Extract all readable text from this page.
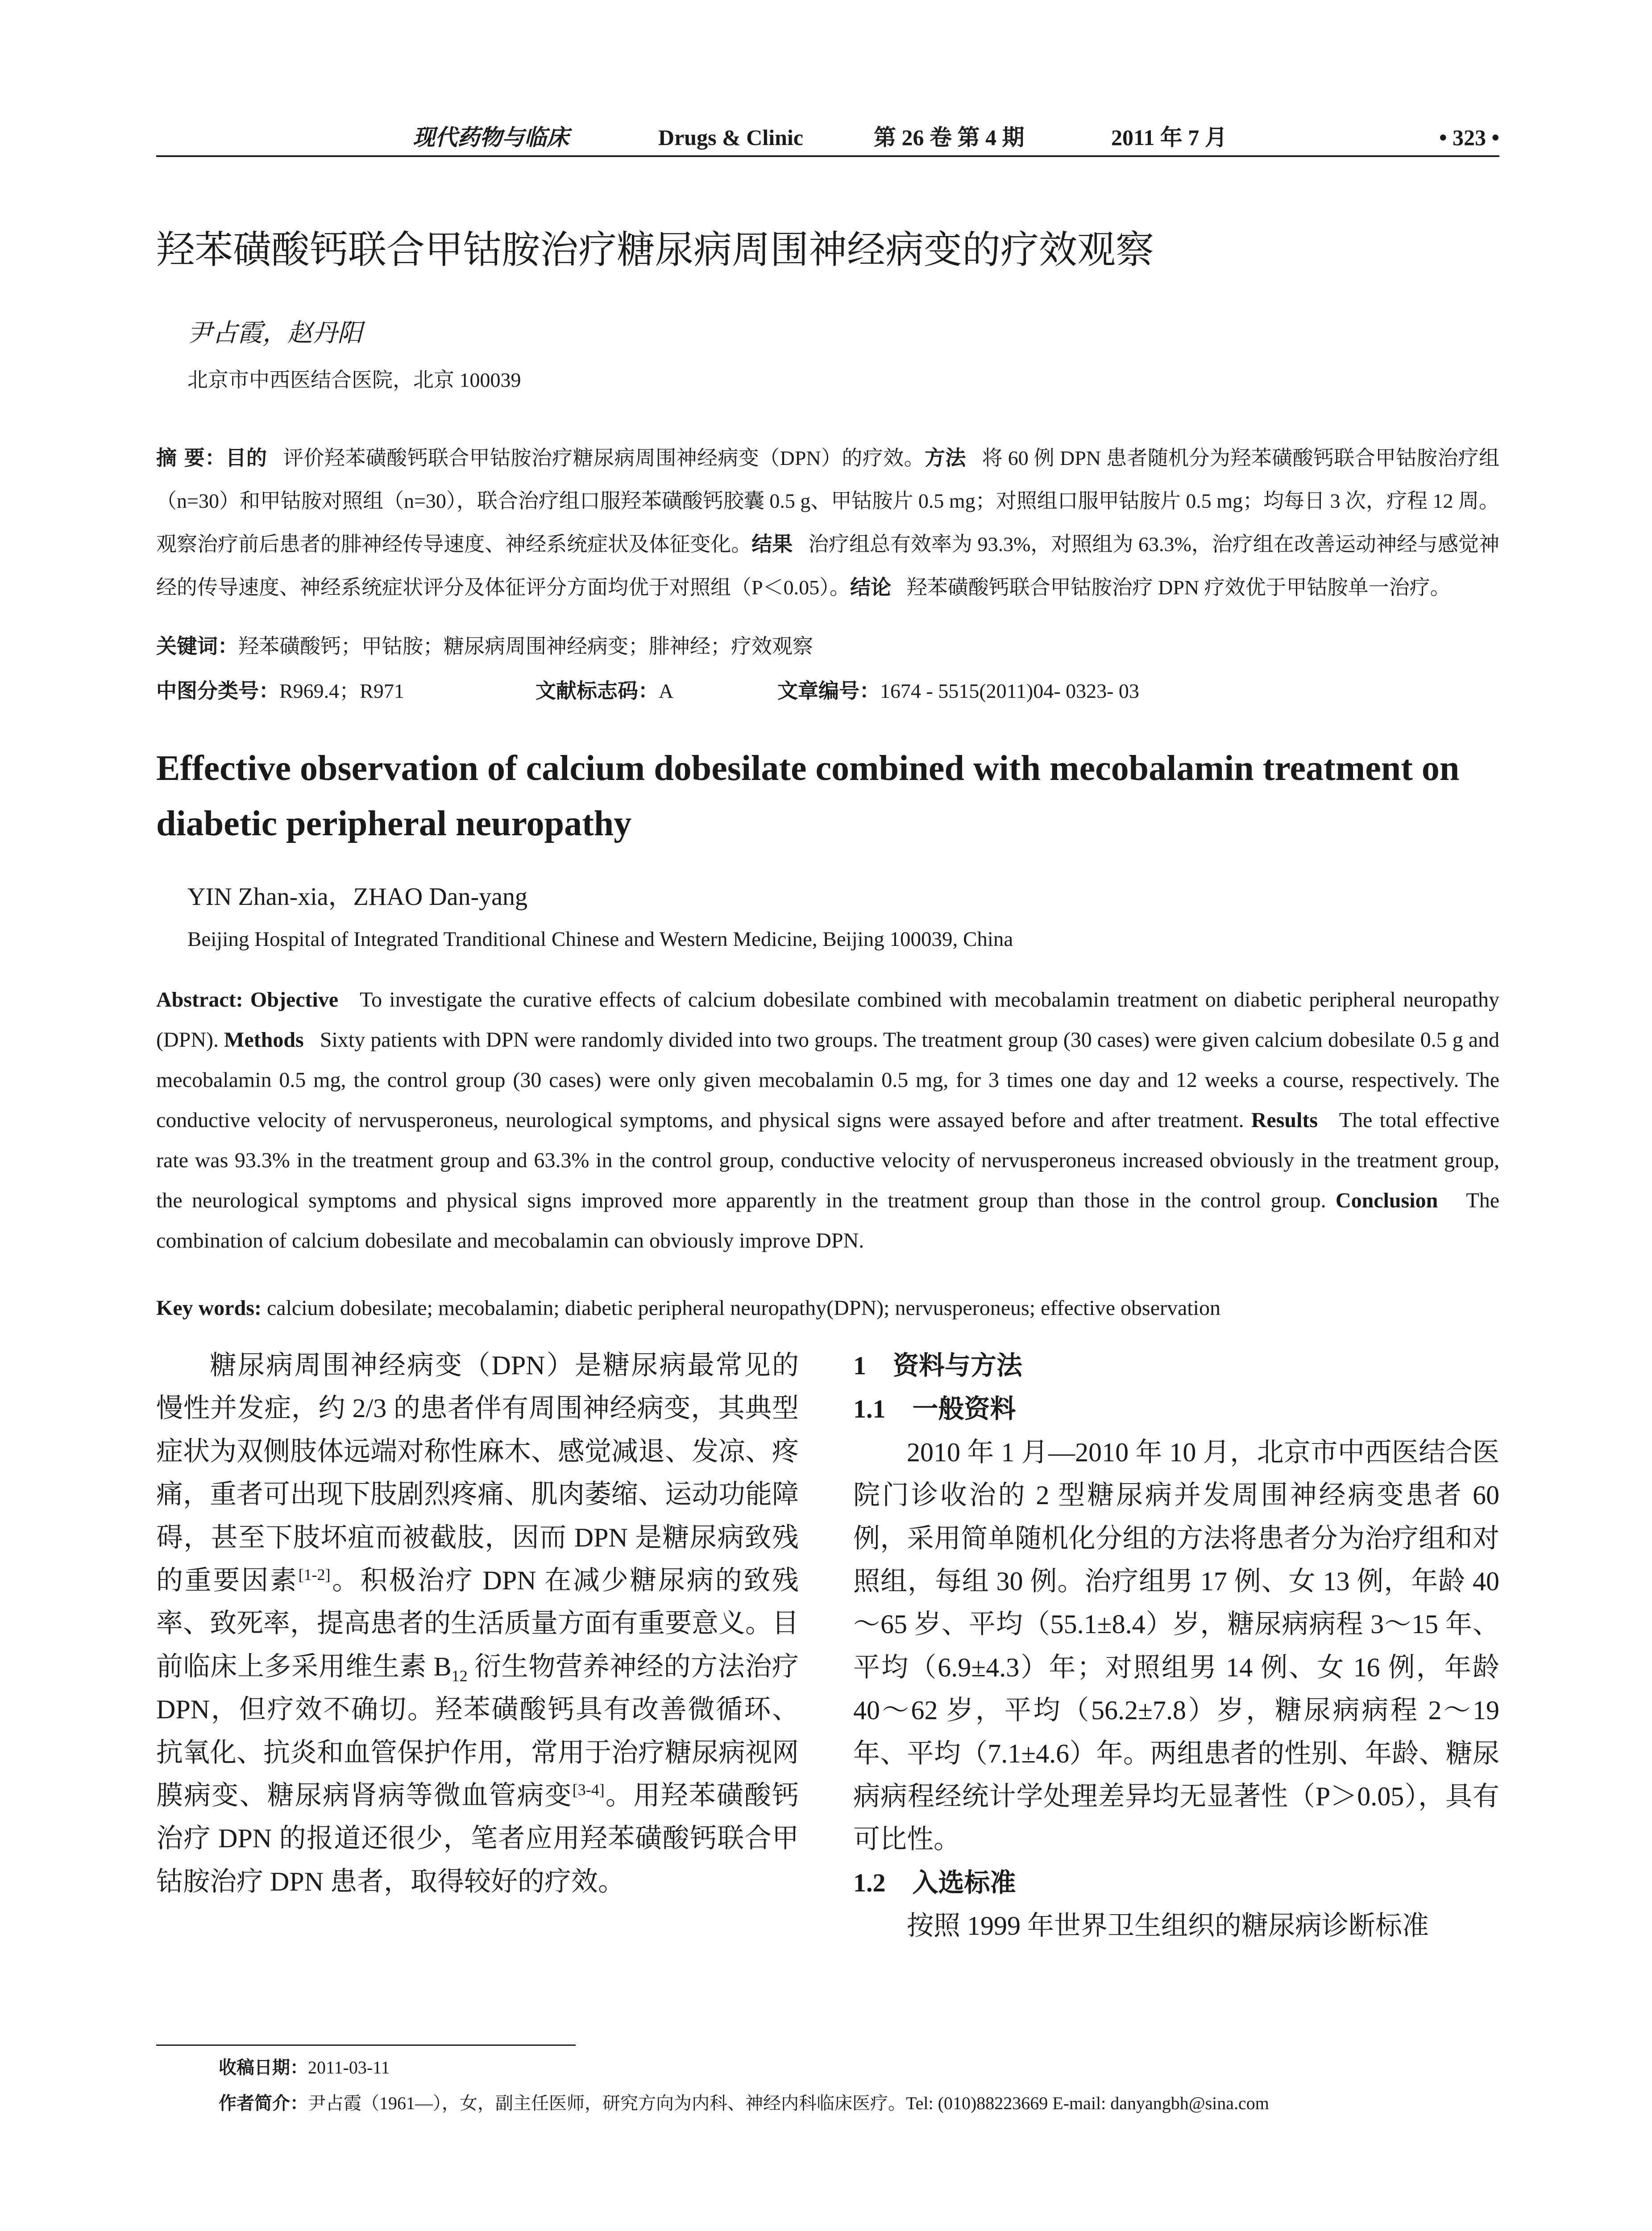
现代药物与临床	Drugs & Clinic	第 26 卷 第 4 期	2011 年 7 月	• 323 •
羟苯磺酸钙联合甲钴胺治疗糖尿病周围神经病变的疗效观察
尹占霞，赵丹阳
北京市中西医结合医院，北京 100039
摘 要：目的 评价羟苯磺酸钙联合甲钴胺治疗糖尿病周围神经病变（DPN）的疗效。方法 将 60 例 DPN 患者随机分为羟苯磺酸钙联合甲钴胺治疗组（n=30）和甲钴胺对照组（n=30），联合治疗组口服羟苯磺酸钙胶囊 0.5 g、甲钴胺片 0.5 mg；对照组口服甲钴胺片 0.5 mg；均每日 3 次，疗程 12 周。观察治疗前后患者的腓神经传导速度、神经系统症状及体征变化。结果 治疗组总有效率为 93.3%，对照组为 63.3%，治疗组在改善运动神经与感觉神经的传导速度、神经系统症状评分及体征评分方面均优于对照组（P＜0.05）。结论 羟苯磺酸钙联合甲钴胺治疗 DPN 疗效优于甲钴胺单一治疗。
关键词：羟苯磺酸钙；甲钴胺；糖尿病周围神经病变；腓神经；疗效观察
中图分类号：R969.4；R971	文献标志码：A	文章编号：1674 - 5515(2011)04- 0323- 03
Effective observation of calcium dobesilate combined with mecobalamin treatment on diabetic peripheral neuropathy
YIN Zhan-xia，ZHAO Dan-yang
Beijing Hospital of Integrated Tranditional Chinese and Western Medicine, Beijing 100039, China
Abstract: Objective To investigate the curative effects of calcium dobesilate combined with mecobalamin treatment on diabetic peripheral neuropathy (DPN). Methods Sixty patients with DPN were randomly divided into two groups. The treatment group (30 cases) were given calcium dobesilate 0.5 g and mecobalamin 0.5 mg, the control group (30 cases) were only given mecobalamin 0.5 mg, for 3 times one day and 12 weeks a course, respectively. The conductive velocity of nervusperoneus, neurological symptoms, and physical signs were assayed before and after treatment. Results The total effective rate was 93.3% in the treatment group and 63.3% in the control group, conductive velocity of nervusperoneus increased obviously in the treatment group, the neurological symptoms and physical signs improved more apparently in the treatment group than those in the control group. Conclusion The combination of calcium dobesilate and mecobalamin can obviously improve DPN.
Key words: calcium dobesilate; mecobalamin; diabetic peripheral neuropathy(DPN); nervusperoneus; effective observation

糖尿病周围神经病变（DPN）是糖尿病最常见的慢性并发症，约 2/3 的患者伴有周围神经病变，其典型症状为双侧肢体远端对称性麻木、感觉减退、发凉、疼痛，重者可出现下肢剧烈疼痛、肌肉萎缩、运动功能障碍，甚至下肢坏疽而被截肢，因而 DPN 是糖尿病致残的重要因素[1-2]。积极治疗 DPN 在减少糖尿病的致残率、致死率，提高患者的生活质量方面有重要意义。目前临床上多采用维生素 $B_{12}$ 衍生物营养神经的方法治疗 DPN，但疗效不确切。羟苯磺酸钙具有改善微循环、抗氧化、抗炎和血管保护作用，常用于治疗糖尿病视网膜病变、糖尿病肾病等微血管病变[3-4]。用羟苯磺酸钙治疗 DPN 的报道还很少，笔者应用羟苯磺酸钙联合甲钴胺治疗 DPN 患者，取得较好的疗效。

1 资料与方法

1.1 一般资料

2010 年 1 月—2010 年 10 月，北京市中西医结合医院门诊收治的 2 型糖尿病并发周围神经病变患者 60 例，采用简单随机化分组的方法将患者分为治疗组和对照组，每组 30 例。治疗组男 17 例、女 13 例，年龄 40～65 岁、平均（55.1±8.4）岁，糖尿病病程 3～15 年、平均（6.9±4.3）年；对照组男 14 例、女 16 例，年龄 40～62 岁，平均（56.2±7.8）岁，糖尿病病程 2～19 年、平均（7.1±4.6）年。两组患者的性别、年龄、糖尿病病程经统计学处理差异均无显著性（P＞0.05），具有可比性。

1.2 入选标准

按照 1999 年世界卫生组织的糖尿病诊断标准

收稿日期：2011-03-11
作者简介：尹占霞（1961—），女，副主任医师，研究方向为内科、神经内科临床医疗。Tel: (010)88223669 E-mail: danyangbh@sina.com
